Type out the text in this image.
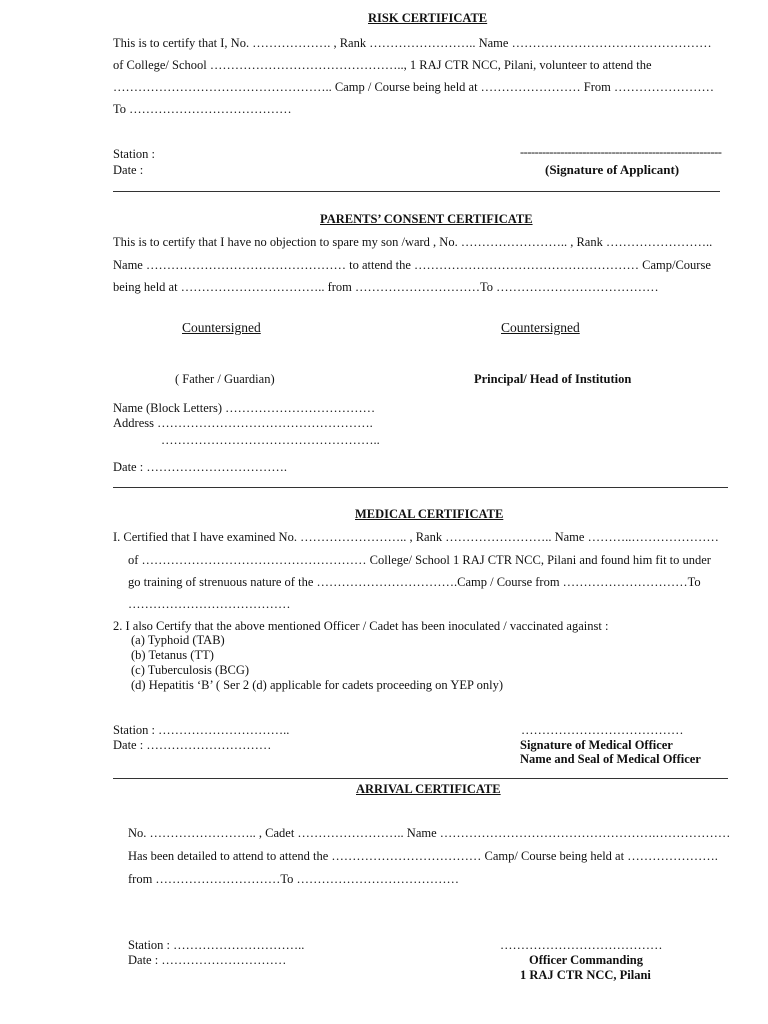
RISK CERTIFICATE
This is to certify that I, No. ………………. , Rank …………………….. Name …………………………………………
of College/ School ……………………………………….., 1 RAJ CTR NCC, Pilani, volunteer to attend the
…………………………………………….. Camp / Course being held at …………………… From ……………………
To …………………………………
Station :
Date :
-------------------------------------------------------
(Signature of Applicant)
PARENTS’ CONSENT CERTIFICATE
This is to certify that I have no objection to spare my son /ward , No. …………………….. , Rank ……………………..
Name ………………………………………… to attend the ……………………………………………… Camp/Course
being held at …………………………….. from …………………………To …………………………………
Countersigned	Countersigned
( Father / Guardian)	Principal/ Head of Institution
Name (Block Letters) ………………………………
Address …………………………………………….
……………………………………………..
Date : …………………………….
MEDICAL CERTIFICATE
I. Certified that I have examined No. …………………….. , Rank …………………….. Name ………..…………………
of ……………………………………………… College/ School 1 RAJ CTR NCC, Pilani and found him fit to under
go training of strenuous nature of the …………………………….Camp / Course from …………………………To
…………………………………
2. I also Certify that the above mentioned Officer / Cadet has been inoculated / vaccinated against :
(a) Typhoid (TAB)
(b) Tetanus (TT)
(c) Tuberculosis (BCG)
(d) Hepatitis ‘B’ ( Ser 2 (d) applicable for cadets proceeding on YEP only)
Station : …………………………..
Date : …………………………
…………………………………
Signature of Medical Officer
Name and Seal of Medical Officer
ARRIVAL CERTIFICATE
No. …………………….. , Cadet …………………….. Name …………………………………………….………………
Has been detailed to attend to attend the ……………………………… Camp/ Course being held at ………………….
from …………………………To …………………………………
Station : …………………………..
Date : …………………………
…………………………………
Officer Commanding
1 RAJ CTR NCC, Pilani
